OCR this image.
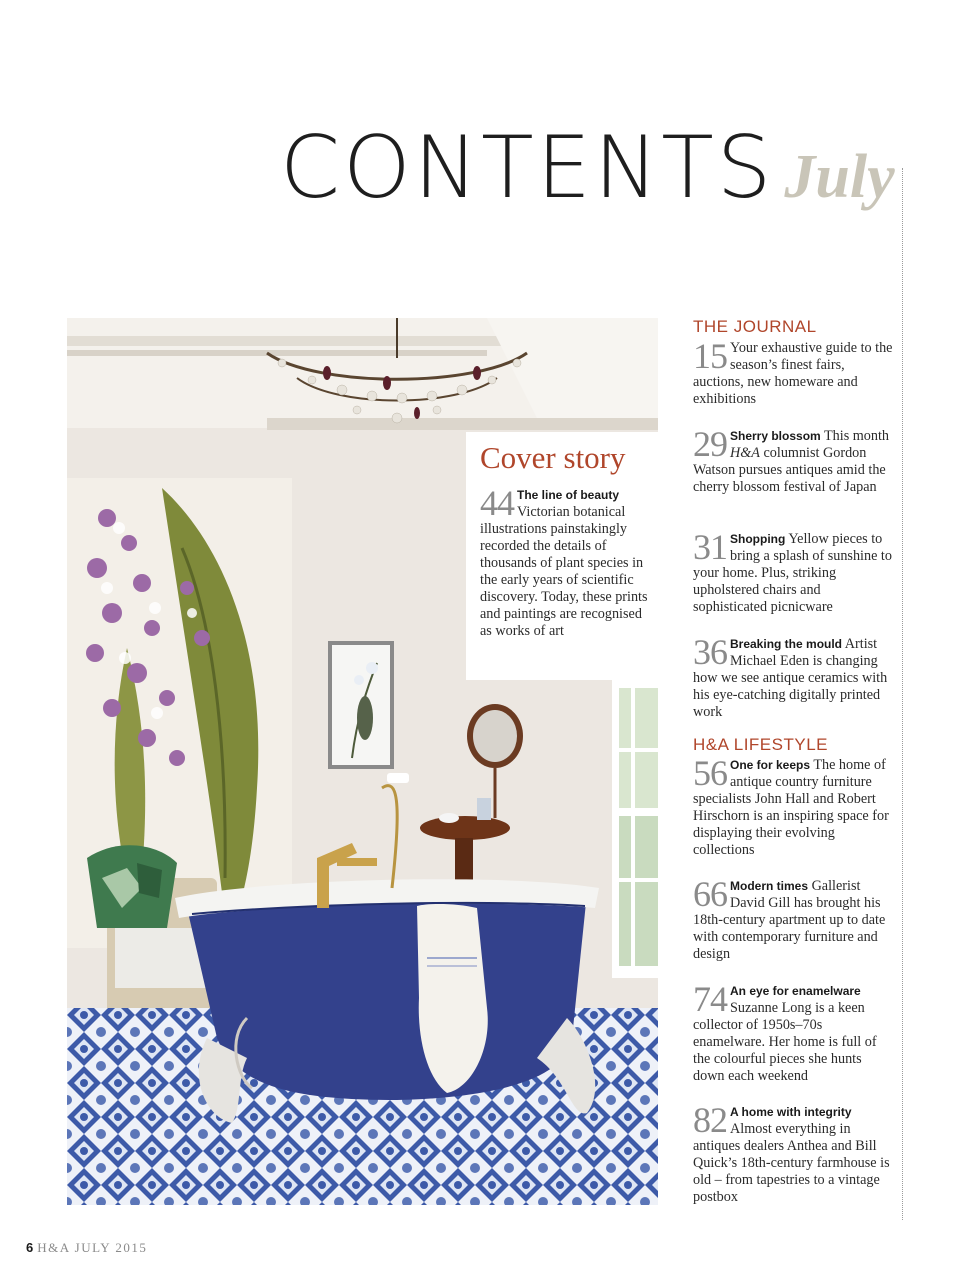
CONTENTS July
Cover story
44 The line of beauty Victorian botanical illustrations painstakingly recorded the details of thousands of plant species in the early years of scientific discovery. Today, these prints and paintings are recognised as works of art
THE JOURNAL
15 Your exhaustive guide to the season’s finest fairs, auctions, new homeware and exhibitions
29 Sherry blossom This month H&A columnist Gordon Watson pursues antiques amid the cherry blossom festival of Japan
31 Shopping Yellow pieces to bring a splash of sunshine to your home. Plus, striking upholstered chairs and sophisticated picnicware
36 Breaking the mould Artist Michael Eden is changing how we see antique ceramics with his eye-catching digitally printed work
H&A LIFESTYLE
56 One for keeps The home of antique country furniture specialists John Hall and Robert Hirschorn is an inspiring space for displaying their evolving collections
66 Modern times Gallerist David Gill has brought his 18th-century apartment up to date with contemporary furniture and design
74 An eye for enamelware Suzanne Long is a keen collector of 1950s–70s enamelware. Her home is full of the colourful pieces she hunts down each weekend
82 A home with integrity Almost everything in antiques dealers Anthea and Bill Quick’s 18th-century farmhouse is old – from tapestries to a vintage postbox
6 H&A JULY 2015
